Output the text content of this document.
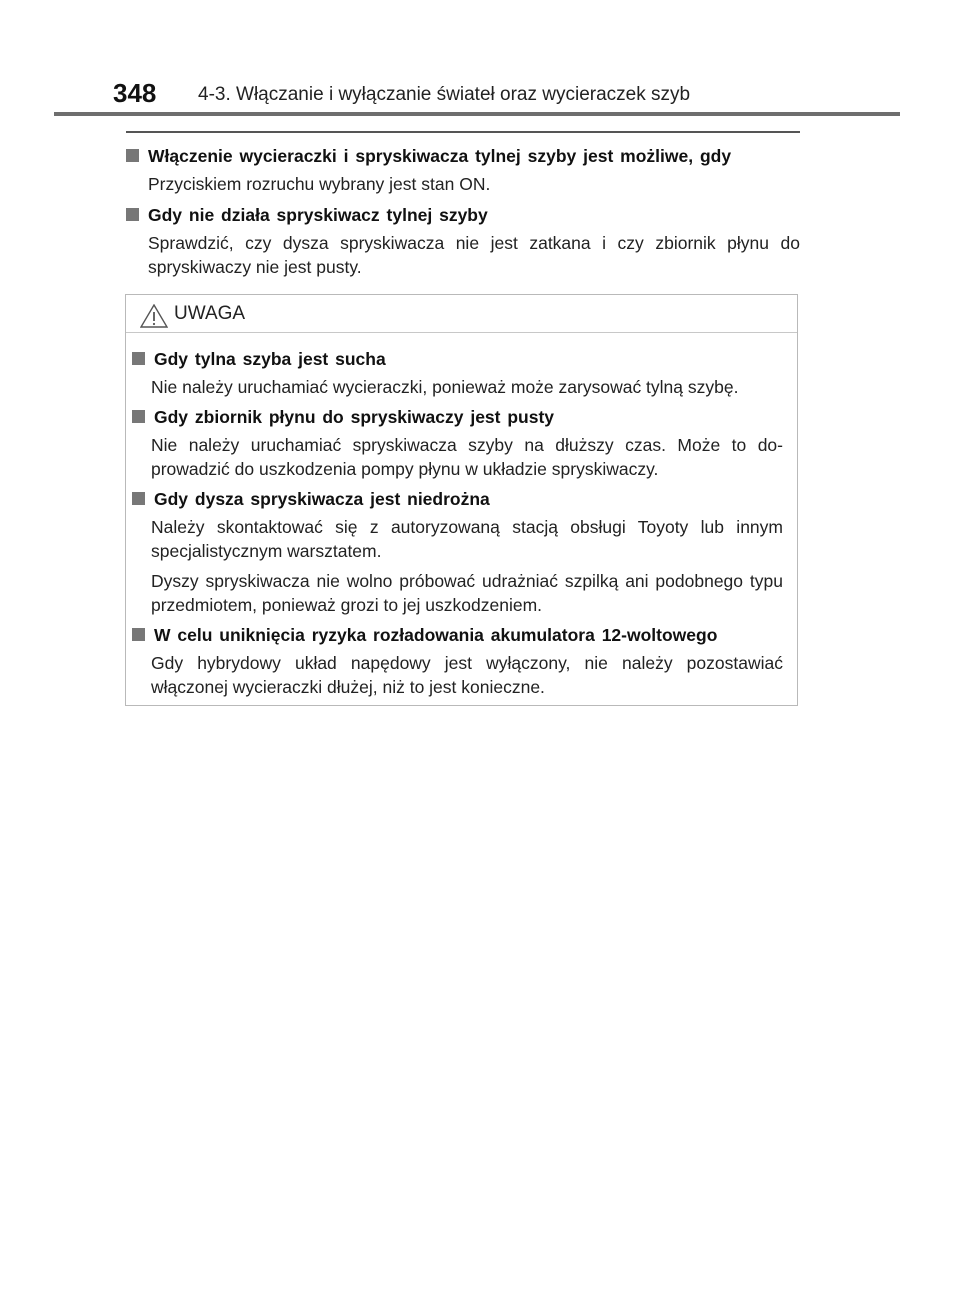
348 4-3. Włączanie i wyłączanie świateł oraz wycieraczek szyb
Włączenie wycieraczki i spryskiwacza tylnej szyby jest możliwe, gdy
Przyciskiem rozruchu wybrany jest stan ON.
Gdy nie działa spryskiwacz tylnej szyby
Sprawdzić, czy dysza spryskiwacza nie jest zatkana i czy zbiornik płynu do spryskiwaczy nie jest pusty.
UWAGA
Gdy tylna szyba jest sucha
Nie należy uruchamiać wycieraczki, ponieważ może zarysować tylną szybę.
Gdy zbiornik płynu do spryskiwaczy jest pusty
Nie należy uruchamiać spryskiwacza szyby na dłuższy czas. Może to do-prowadzić do uszkodzenia pompy płynu w układzie spryskiwaczy.
Gdy dysza spryskiwacza jest niedrożna
Należy skontaktować się z autoryzowaną stacją obsługi Toyoty lub innym specjalistycznym warsztatem.
Dyszy spryskiwacza nie wolno próbować udrażniać szpilką ani podobnego typu przedmiotem, ponieważ grozi to jej uszkodzeniem.
W celu uniknięcia ryzyka rozładowania akumulatora 12-woltowego
Gdy hybrydowy układ napędowy jest wyłączony, nie należy pozostawiać włączonej wycieraczki dłużej, niż to jest konieczne.
